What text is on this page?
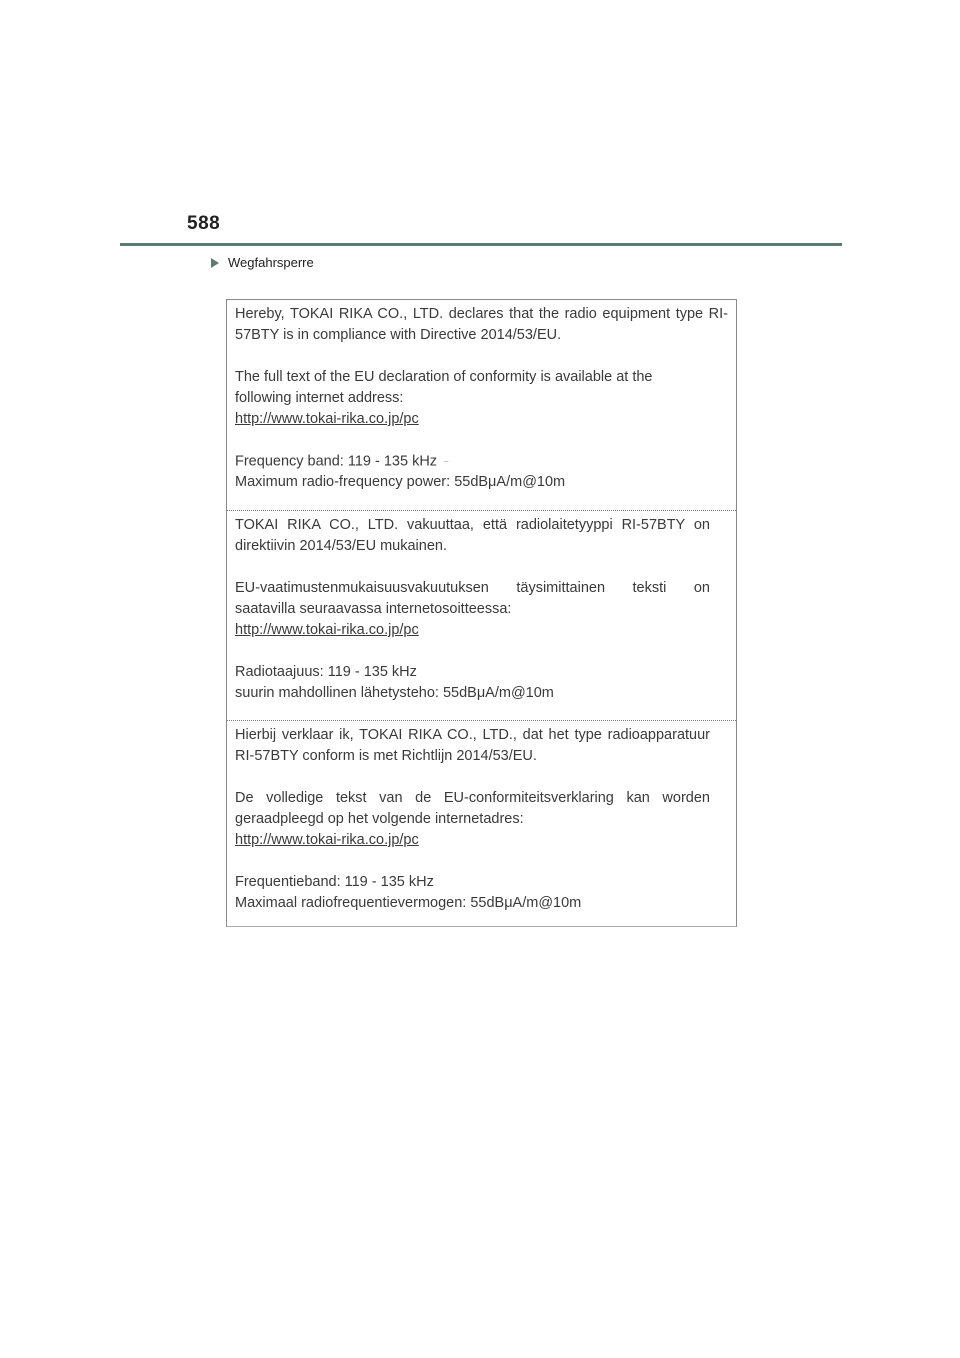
588
Wegfahrsperre

Hereby, TOKAI RIKA CO., LTD. declares that the radio equipment type RI-57BTY is in compliance with Directive 2014/53/EU.

The full text of the EU declaration of conformity is available at the
following internet address:
http://www.tokai-rika.co.jp/pc

Frequency band: 119 - 135 kHz ⌣
Maximum radio-frequency power: 55dBμA/m@10m

TOKAI RIKA CO., LTD. vakuuttaa, että radiolaitetyyppi RI-57BTY on direktiivin 2014/53/EU mukainen.

EU-vaatimustenmukaisuusvakuutuksen täysimittainen teksti on
saatavilla seuraavassa internetosoitteessa:
http://www.tokai-rika.co.jp/pc

Radiotaajuus: 119 - 135 kHz
suurin mahdollinen lähetysteho: 55dBμA/m@10m

Hierbij verklaar ik, TOKAI RIKA CO., LTD., dat het type radioapparatuur RI-57BTY conform is met Richtlijn 2014/53/EU.

De volledige tekst van de EU-conformiteitsverklaring kan worden
geraadpleegd op het volgende internetadres:
http://www.tokai-rika.co.jp/pc

Frequentieband: 119 - 135 kHz
Maximaal radiofrequentievermogen: 55dBμA/m@10m
